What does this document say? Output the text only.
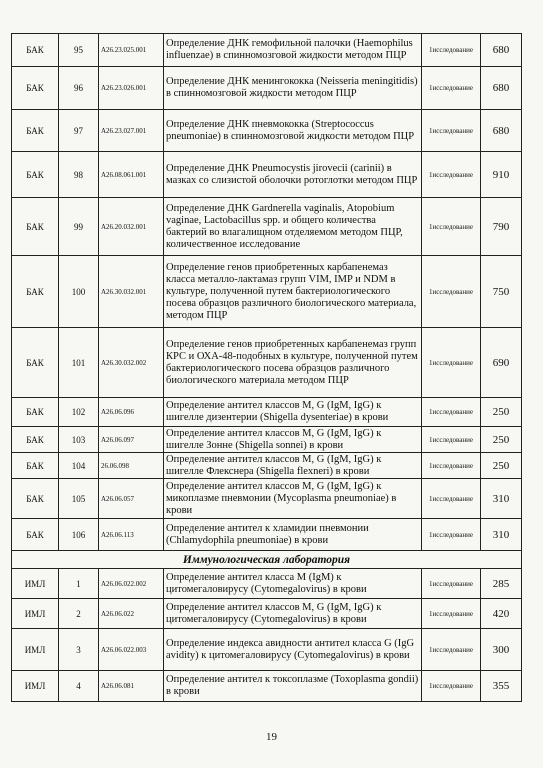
БАК	95	A26.23.025.001	Определение ДНК гемофильной палочки (Haemophilus influenzae) в спинномозговой жидкости методом ПЦР	1исследование	680
БАК	96	A26.23.026.001	Определение ДНК менингококка (Neisseria meningitidis) в спинномозговой жидкости методом ПЦР	1исследование	680
БАК	97	A26.23.027.001	Определение ДНК пневмококка (Streptococcus pneumoniae) в спинномозговой жидкости методом ПЦР	1исследование	680
БАК	98	A26.08.061.001	Определение ДНК Pneumocystis jirovecii (carinii) в мазках со слизистой оболочки ротоглотки методом ПЦР	1исследование	910
БАК	99	A26.20.032.001	Определение ДНК Gardnerella vaginalis, Atopobium vaginae, Lactobacillus spp. и общего количества бактерий во влагалищном отделяемом методом ПЦР, количественное исследование	1исследование	790
БАК	100	A26.30.032.001	Определение генов приобретенных карбапенемаз класса металло-лактамаз групп VIM, IMP и NDM в культуре, полученной путем бактериологического посева образцов различного биологического материала, методом ПЦР	1исследование	750
БАК	101	A26.30.032.002	Определение генов приобретенных карбапенемаз групп КРС и ОХА-48-подобных в культуре, полученной путем бактериологического посева образцов различного биологического материала методом ПЦР	1исследование	690
БАК	102	A26.06.096	Определение антител классов M, G (IgM, IgG) к шигелле дизентерии (Shigella dysenteriae) в крови	1исследование	250
БАК	103	A26.06.097	Определение антител классов M, G (IgM, IgG) к шигелле Зонне (Shigella sonnei) в крови	1исследование	250
БАК	104	26.06.098	Определение антител классов M, G (IgM, IgG) к шигелле Флекснера (Shigella flexneri) в крови	1исследование	250
БАК	105	A26.06.057	Определение антител классов M, G (IgM, IgG) к микоплазме пневмонии (Mycoplasma pneumoniae) в крови	1исследование	310
БАК	106	A26.06.113	Определение антител к хламидии пневмонии (Chlamydophila pneumoniae) в крови	1исследование	310
Иммунологическая лаборатория					
ИМЛ	1	A26.06.022.002	Определение антител класса M (IgM) к цитомегаловирусу (Cytomegalovirus) в крови	1исследование	285
ИМЛ	2	A26.06.022	Определение антител классов M, G (IgM, IgG) к цитомегаловирусу (Cytomegalovirus) в крови	1исследование	420
ИМЛ	3	A26.06.022.003	Определение индекса авидности антител класса G (IgG avidity) к цитомегаловирусу (Cytomegalovirus) в крови	1исследование	300
ИМЛ	4	A26.06.081	Определение антител к токсоплазме (Toxoplasma gondii) в крови	1исследование	355
19
